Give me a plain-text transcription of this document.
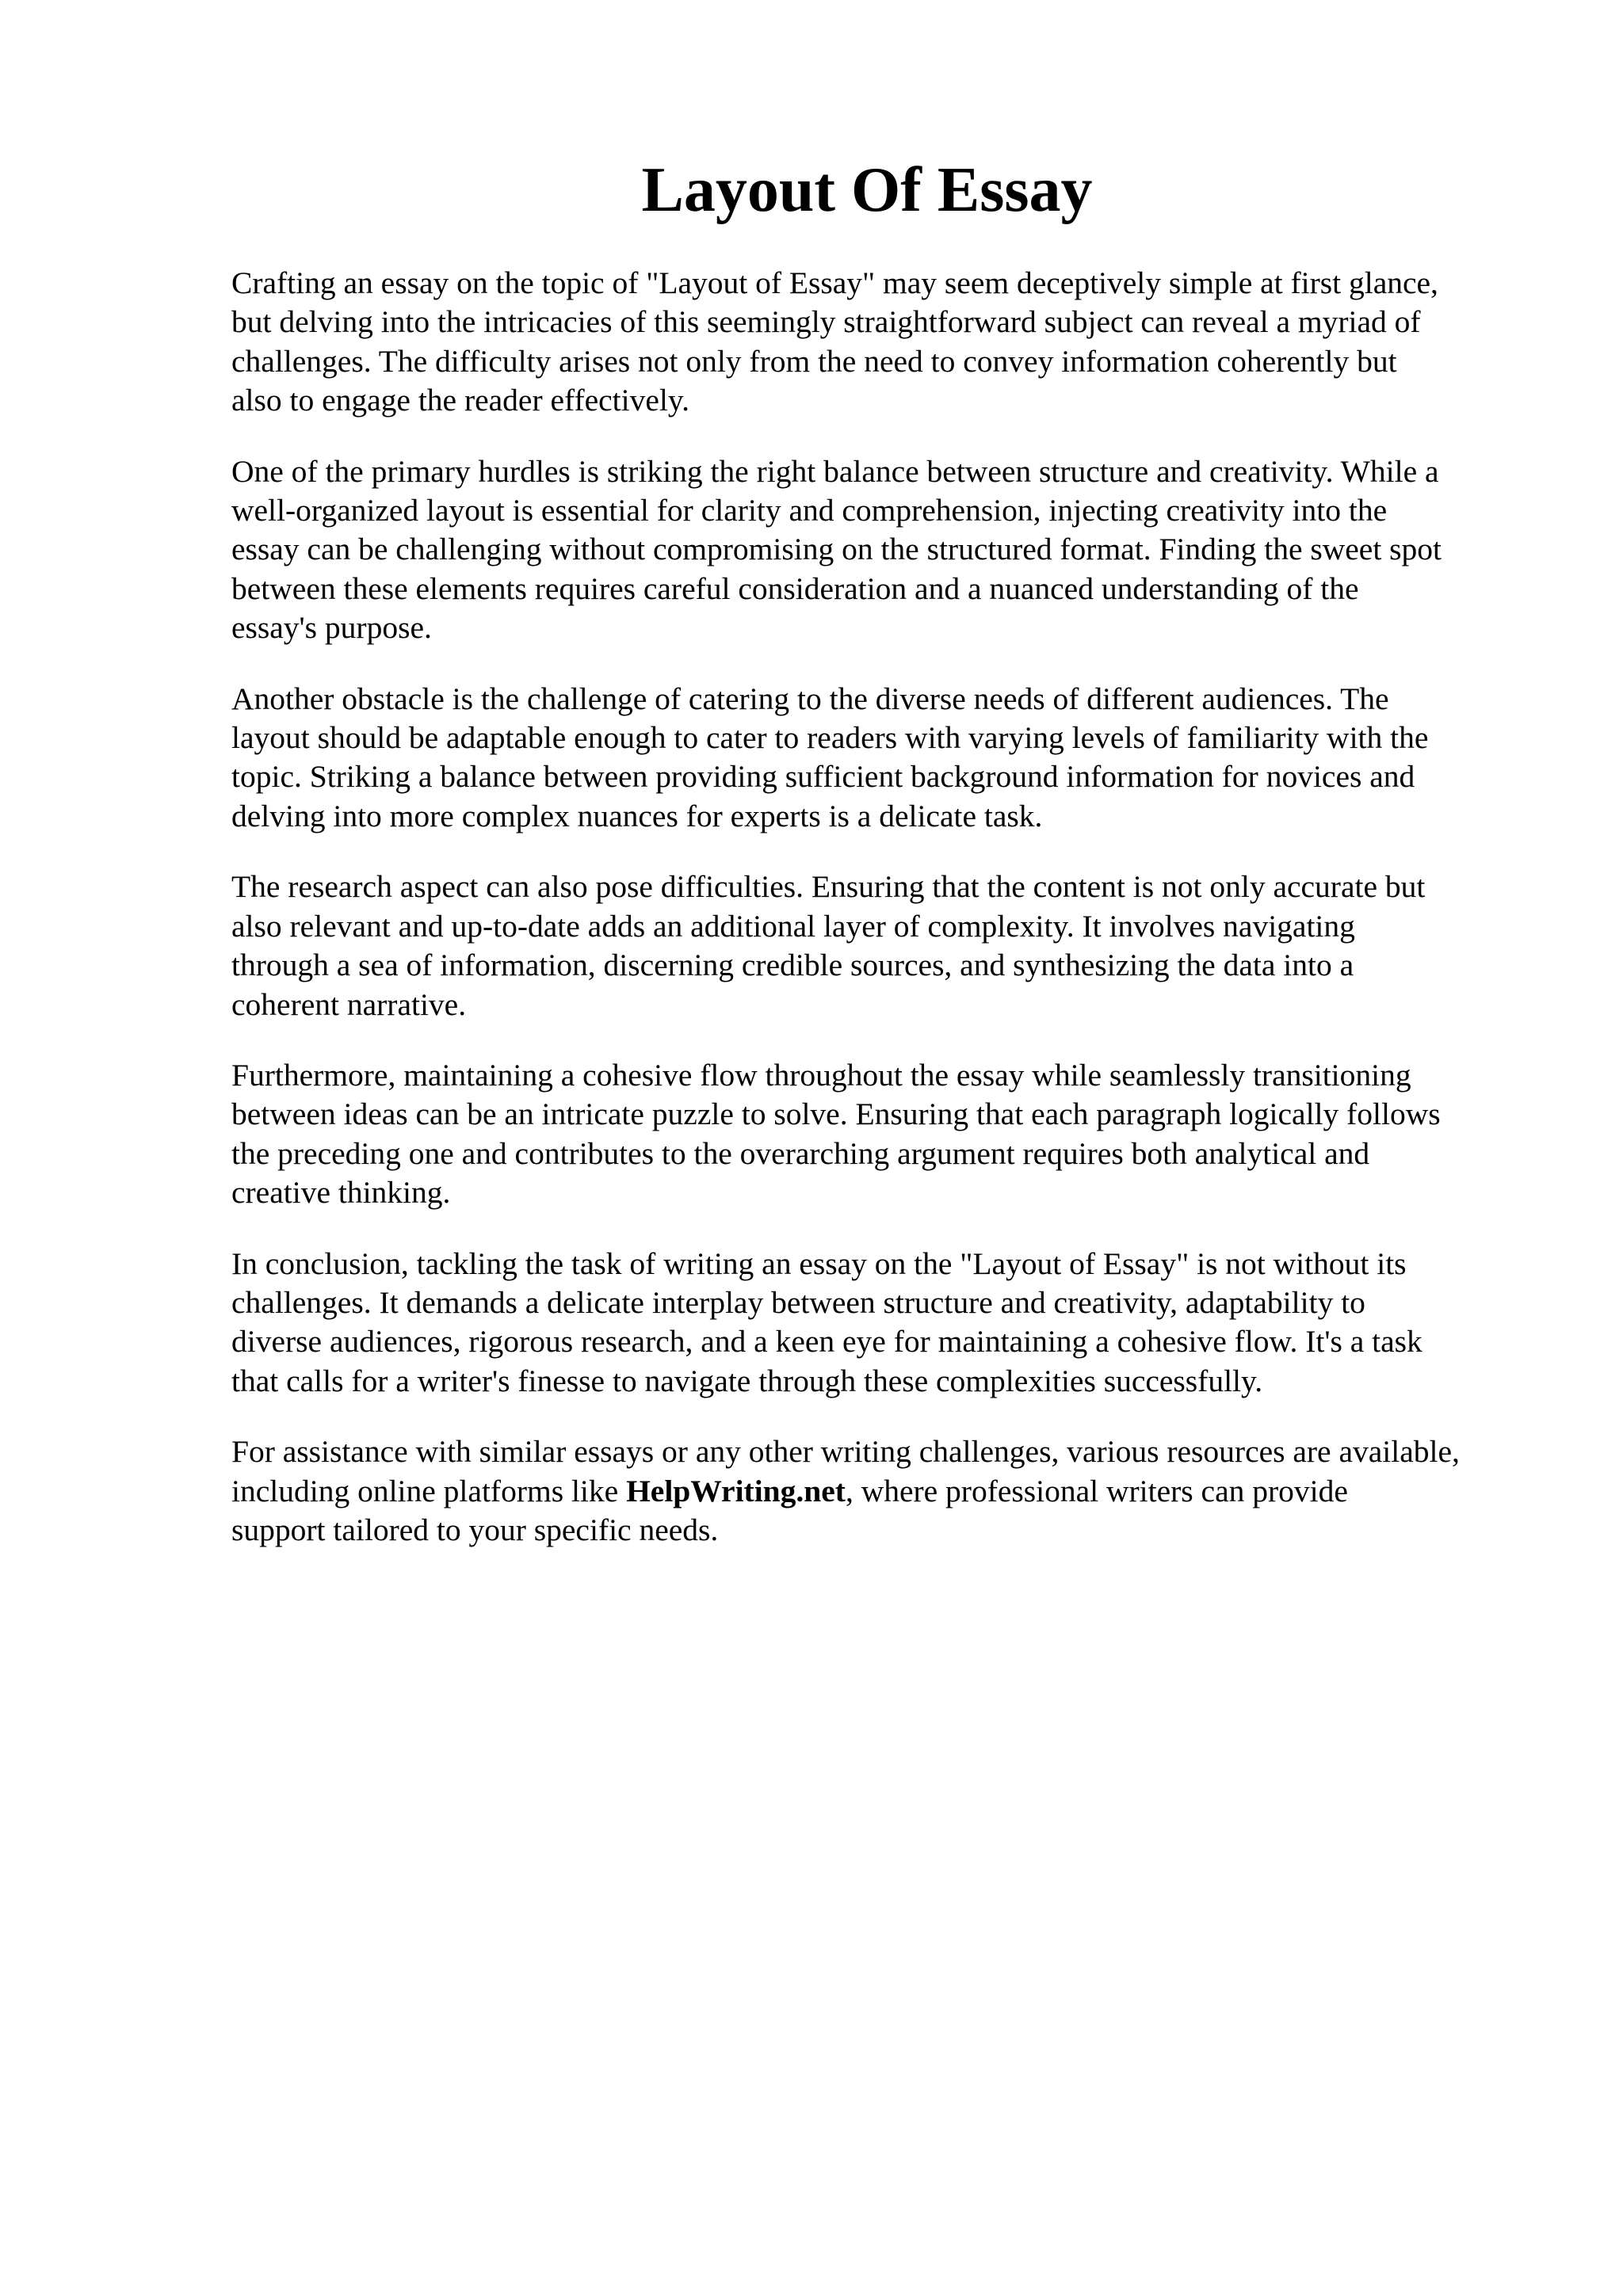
Layout Of Essay

Crafting an essay on the topic of "Layout of Essay" may seem deceptively simple at first glance,
but delving into the intricacies of this seemingly straightforward subject can reveal a myriad of
challenges. The difficulty arises not only from the need to convey information coherently but
also to engage the reader effectively.

One of the primary hurdles is striking the right balance between structure and creativity. While a
well-organized layout is essential for clarity and comprehension, injecting creativity into the
essay can be challenging without compromising on the structured format. Finding the sweet spot
between these elements requires careful consideration and a nuanced understanding of the
essay's purpose.

Another obstacle is the challenge of catering to the diverse needs of different audiences. The
layout should be adaptable enough to cater to readers with varying levels of familiarity with the
topic. Striking a balance between providing sufficient background information for novices and
delving into more complex nuances for experts is a delicate task.

The research aspect can also pose difficulties. Ensuring that the content is not only accurate but
also relevant and up-to-date adds an additional layer of complexity. It involves navigating
through a sea of information, discerning credible sources, and synthesizing the data into a
coherent narrative.

Furthermore, maintaining a cohesive flow throughout the essay while seamlessly transitioning
between ideas can be an intricate puzzle to solve. Ensuring that each paragraph logically follows
the preceding one and contributes to the overarching argument requires both analytical and
creative thinking.

In conclusion, tackling the task of writing an essay on the "Layout of Essay" is not without its
challenges. It demands a delicate interplay between structure and creativity, adaptability to
diverse audiences, rigorous research, and a keen eye for maintaining a cohesive flow. It's a task
that calls for a writer's finesse to navigate through these complexities successfully.

For assistance with similar essays or any other writing challenges, various resources are available,
including online platforms like HelpWriting.net, where professional writers can provide
support tailored to your specific needs.
